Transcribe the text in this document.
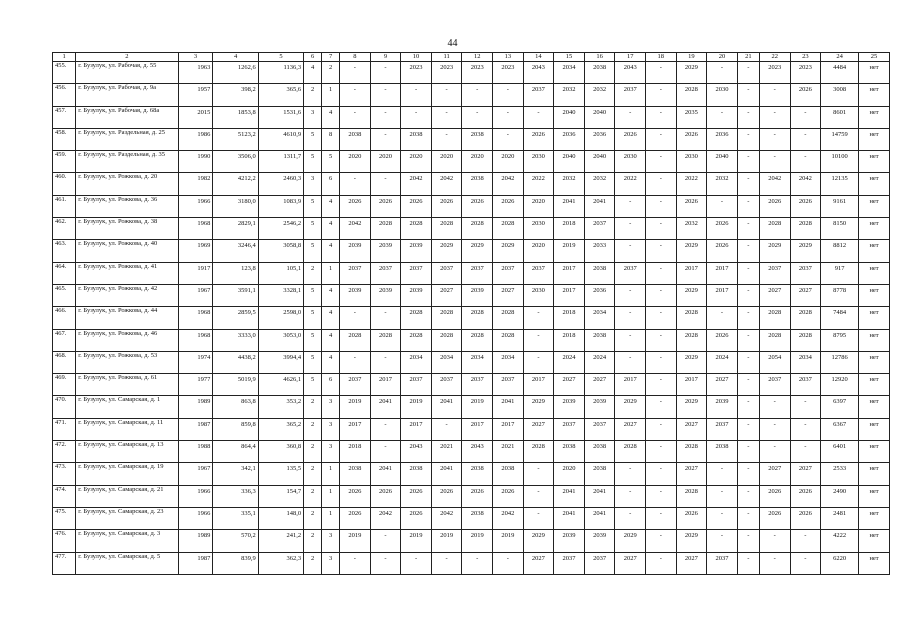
44
1	2	3	4	5	6	7	8	9	10	11	12	13	14	15	16	17	18	19	20	21	22	23	24	25
455.	г. Бузулук, ул. Рабочая, д. 55	1963	1262,6	1136,3	4	2	-	-	2023	2023	2023	2023	2043	2034	2038	2043	-	2029	-	-	2023	2023	4484	нет
456.	г. Бузулук, ул. Рабочая, д. 9а	1957	398,2	365,6	2	1	-	-	-	-	-	-	2037	2032	2032	2037	-	2028	2030	-	-	2026	3008	нет
457.	г. Бузулук, ул. Рабочая, д. 68а	2015	1853,8	1531,6	3	4	-	-	-	-	-	-	-	2040	2040	-	-	2035	-	-	-	-	8601	нет
458.	г. Бузулук, ул. Раздельная, д. 25	1986	5123,2	4610,9	5	8	2038	-	2038	-	2038	-	2026	2036	2036	2026	-	2026	2036	-	-	-	14759	нет
459.	г. Бузулук, ул. Раздельная, д. 35	1990	3506,0	1311,7	5	5	2020	2020	2020	2020	2020	2020	2030	2040	2040	2030	-	2030	2040	-	-	-	10100	нет
460.	г. Бузулук, ул. Рожкова, д. 20	1982	4212,2	2460,3	3	6	-	-	2042	2042	2038	2042	2022	2032	2032	2022	-	2022	2032	-	2042	2042	12135	нет
461.	г. Бузулук, ул. Рожкова, д. 36	1966	3180,0	1083,9	5	4	2026	2026	2026	2026	2026	2026	2020	2041	2041	-	-	2026	-	-	2026	2026	9161	нет
462.	г. Бузулук, ул. Рожкова, д. 38	1968	2829,1	2546,2	5	4	2042	2028	2028	2028	2028	2028	2030	2018	2037	-	-	2032	2026	-	2028	2028	8150	нет
463.	г. Бузулук, ул. Рожкова, д. 40	1969	3246,4	3058,8	5	4	2039	2039	2039	2029	2029	2029	2020	2019	2033	-	-	2029	2026	-	2029	2029	8812	нет
464.	г. Бузулук, ул. Рожкова, д. 41	1917	123,8	105,1	2	1	2037	2037	2037	2037	2037	2037	2037	2017	2038	2037	-	2017	2017	-	2037	2037	917	нет
465.	г. Бузулук, ул. Рожкова, д. 42	1967	3591,1	3328,1	5	4	2039	2039	2039	2027	2039	2027	2030	2017	2036	-	-	2029	2017	-	2027	2027	8778	нет
466.	г. Бузулук, ул. Рожкова, д. 44	1968	2859,5	2598,0	5	4	-	-	2028	2028	2028	2028	-	2018	2034	-	-	2028	-	-	2028	2028	7484	нет
467.	г. Бузулук, ул. Рожкова, д. 46	1968	3333,0	3053,0	5	4	2028	2028	2028	2028	2028	2028	-	2018	2038	-	-	2028	2026	-	2028	2028	8795	нет
468.	г. Бузулук, ул. Рожкова, д. 53	1974	4438,2	3994,4	5	4	-	-	2034	2034	2034	2034	-	2024	2024	-	-	2029	2024	-	2054	2034	12786	нет
469.	г. Бузулук, ул. Рожкова, д. 61	1977	5019,9	4626,1	5	6	2037	2017	2037	2037	2037	2037	2017	2027	2027	2017	-	2017	2027	-	2037	2037	12920	нет
470.	г. Бузулук, ул. Самарская, д. 1	1989	863,8	353,2	2	3	2019	2041	2019	2041	2019	2041	2029	2039	2039	2029	-	2029	2039	-	-	-	6397	нет
471.	г. Бузулук, ул. Самарская, д. 11	1987	859,8	365,2	2	3	2017	-	2017	-	2017	2017	2027	2037	2037	2027	-	2027	2037	-	-	-	6367	нет
472.	г. Бузулук, ул. Самарская, д. 13	1988	864,4	360,8	2	3	2018	-	2043	2021	2043	2021	2028	2038	2038	2028	-	2028	2038	-	-	-	6401	нет
473.	г. Бузулук, ул. Самарская, д. 19	1967	342,1	135,5	2	1	2038	2041	2038	2041	2038	2038	-	2020	2038	-	-	2027	-	-	2027	2027	2533	нет
474.	г. Бузулук, ул. Самарская, д. 21	1966	336,3	154,7	2	1	2026	2026	2026	2026	2026	2026	-	2041	2041	-	-	2028	-	-	2026	2026	2490	нет
475.	г. Бузулук, ул. Самарская, д. 23	1966	335,1	148,0	2	1	2026	2042	2026	2042	2038	2042	-	2041	2041	-	-	2026	-	-	2026	2026	2481	нет
476.	г. Бузулук, ул. Самарская, д. 3	1989	570,2	241,2	2	3	2019	-	2019	2019	2019	2019	2029	2039	2039	2029	-	2029	-	-	-	-	4222	нет
477.	г. Бузулук, ул. Самарская, д. 5	1987	839,9	362,3	2	3	-	-	-	-	-	-	2027	2037	2037	2027	-	2027	2037	-	-	-	6220	нет
